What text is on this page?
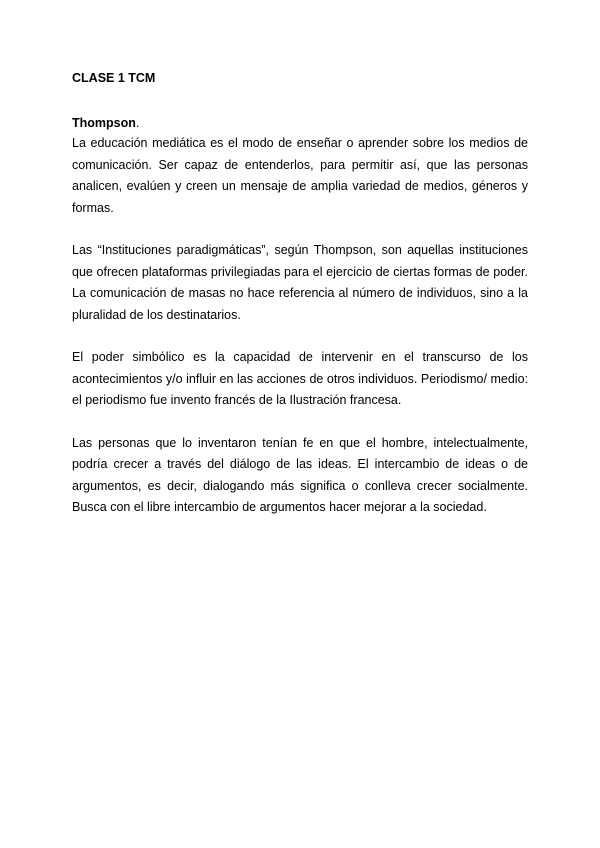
CLASE 1 TCM
Thompson.

La educación mediática es el modo de enseñar o aprender sobre los medios de comunicación. Ser capaz de entenderlos, para permitir así, que las personas analicen, evalúen y creen un mensaje de amplia variedad de medios, géneros y formas.

Las “Instituciones paradigmáticas”, según Thompson, son aquellas instituciones que ofrecen plataformas privilegiadas para el ejercicio de ciertas formas de poder. La comunicación de masas no hace referencia al número de individuos, sino a la pluralidad de los destinatarios.

El poder simbólico es la capacidad de intervenir en el transcurso de los acontecimientos y/o influir en las acciones de otros individuos. Periodismo/ medio: el periodismo fue invento francés de la Ilustración francesa.

Las personas que lo inventaron tenían fe en que el hombre, intelectualmente, podría crecer a través del diálogo de las ideas. El intercambio de ideas o de argumentos, es decir, dialogando más significa o conlleva crecer socialmente. Busca con el libre intercambio de argumentos hacer mejorar a la sociedad.
